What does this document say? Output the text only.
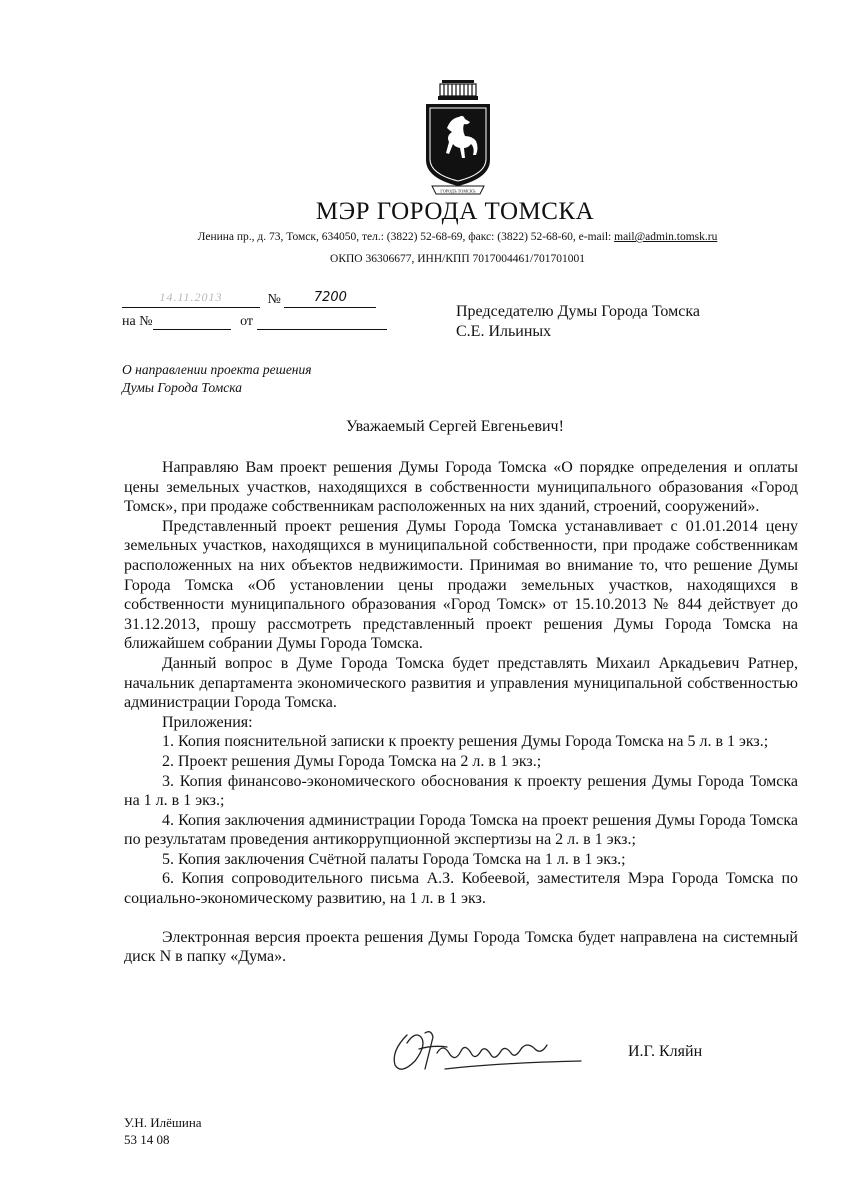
ГОРОДЪ ТОМСКЪ
МЭР ГОРОДА ТОМСКА
Ленина пр., д. 73, Томск, 634050, тел.: (3822) 52-68-69, факс: (3822) 52-68-60, e-mail: mail@admin.tomsk.ru
ОКПО 36306677, ИНН/КПП 7017004461/701701001
14.11.2013	№	7200
на №	от
Председателю Думы Города Томска
С.Е. Ильиных
О направлении проекта решения
Думы Города Томска
Уважаемый Сергей Евгеньевич!

Направляю Вам проект решения Думы Города Томска «О порядке определения и оплаты цены земельных участков, находящихся в собственности муниципального образования «Город Томск», при продаже собственникам расположенных на них зданий, строений, сооружений».

Представленный проект решения Думы Города Томска устанавливает с 01.01.2014 цену земельных участков, находящихся в муниципальной собственности, при продаже собственникам расположенных на них объектов недвижимости. Принимая во внимание то, что решение Думы Города Томска «Об установлении цены продажи земельных участков, находящихся в собственности муниципального образования «Город Томск» от 15.10.2013 № 844 действует до 31.12.2013, прошу рассмотреть представленный проект решения Думы Города Томска на ближайшем собрании Думы Города Томска.

Данный вопрос в Думе Города Томска будет представлять Михаил Аркадьевич Ратнер, начальник департамента экономического развития и управления муниципальной собственностью администрации Города Томска.

Приложения:

1. Копия пояснительной записки к проекту решения Думы Города Томска на 5 л. в 1 экз.;

2. Проект решения Думы Города Томска на 2 л. в 1 экз.;

3. Копия финансово-экономического обоснования к проекту решения Думы Города Томска на 1 л. в 1 экз.;

4. Копия заключения администрации Города Томска на проект решения Думы Города Томска по результатам проведения антикоррупционной экспертизы на 2 л. в 1 экз.;

5. Копия заключения Счётной палаты Города Томска на 1 л. в 1 экз.;

6. Копия сопроводительного письма А.З. Кобеевой, заместителя Мэра Города Томска по социально-экономическому развитию, на 1 л. в 1 экз.

Электронная версия проекта решения Думы Города Томска будет направлена на системный диск N в папку «Дума».

И.Г. Кляйн
У.Н. Илёшина
53 14 08
